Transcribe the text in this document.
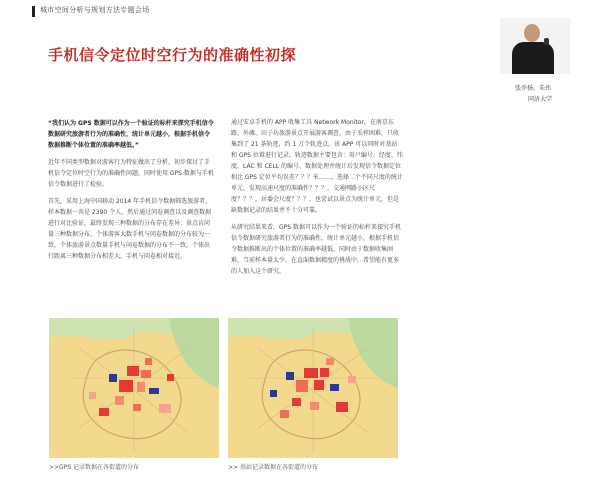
城市空间分析与规划方法专题会场
手机信令定位时空行为的准确性初探
张乔扬，朱玮
同济大学

“我们认为 GPS 数据可以作为一个验证的标杆来探究手机信令数据研究旅游者行为的准确性，统计单元越小，根据手机信令数据推断个体位置的准确率越低。”

近年不同类型数据对游客行为特征做出了分析，初步探讨了手机信令定位时空行为的准确性问题，同时使用 GPS 数据与手机信令数据进行了检验。

首先，采用上海中国移动 2014 年手机信令数据筛选旅游者，样本数据一共是 2390 个人，然后通过问卷调查以及调查数据进行对比验证，最终发现三种数据的分布存在差异：景点访问量三种数据分布，个体游客大数手机与问卷数据的分布较为一致，个体旅游景点数量手机与问卷数据的分布不一致，个体出行距离三种数据分布相差大，手机与问卷相对接近。

通过安卓手机的 APP 收集工具 Network Monitor，在南京东路、外滩、田子坊旅游景点开展游客调查，由于采样困难，只收集到了 21 条轨迹，约 1 万个轨迹点。该 APP 可以同时对基站和 GPS 位置进行记录。轨迹数据主要包含：用户编号、经度、纬度、LAC 和 CELL 的编号，数据处理并统计后发现信令数据定位相比 GPS 定位平均误差？？？米……，选择二个不同尺度的统计单元，发现高速尺度的准确性？？？，交通网路小区尺度？？？，居委会尺度？？？，也尝试以景点为统计单元，但是缺数据记录的结果并不十分可靠。

从研究结果来看，GPS 数据可以作为一个验证的标杆来探究手机信令数据研究旅游者行为的准确性，统计单元越小，根据手机信令数据推断出的个体位置的准确率越低，同时由于数据收集困难，当前样本量太少，在直面数据精度的挑战中，希望能有更多的人加入这个研究。

>>GPS 记录数据在各街道的分布	>> 基站记录数据在各街道的分布
